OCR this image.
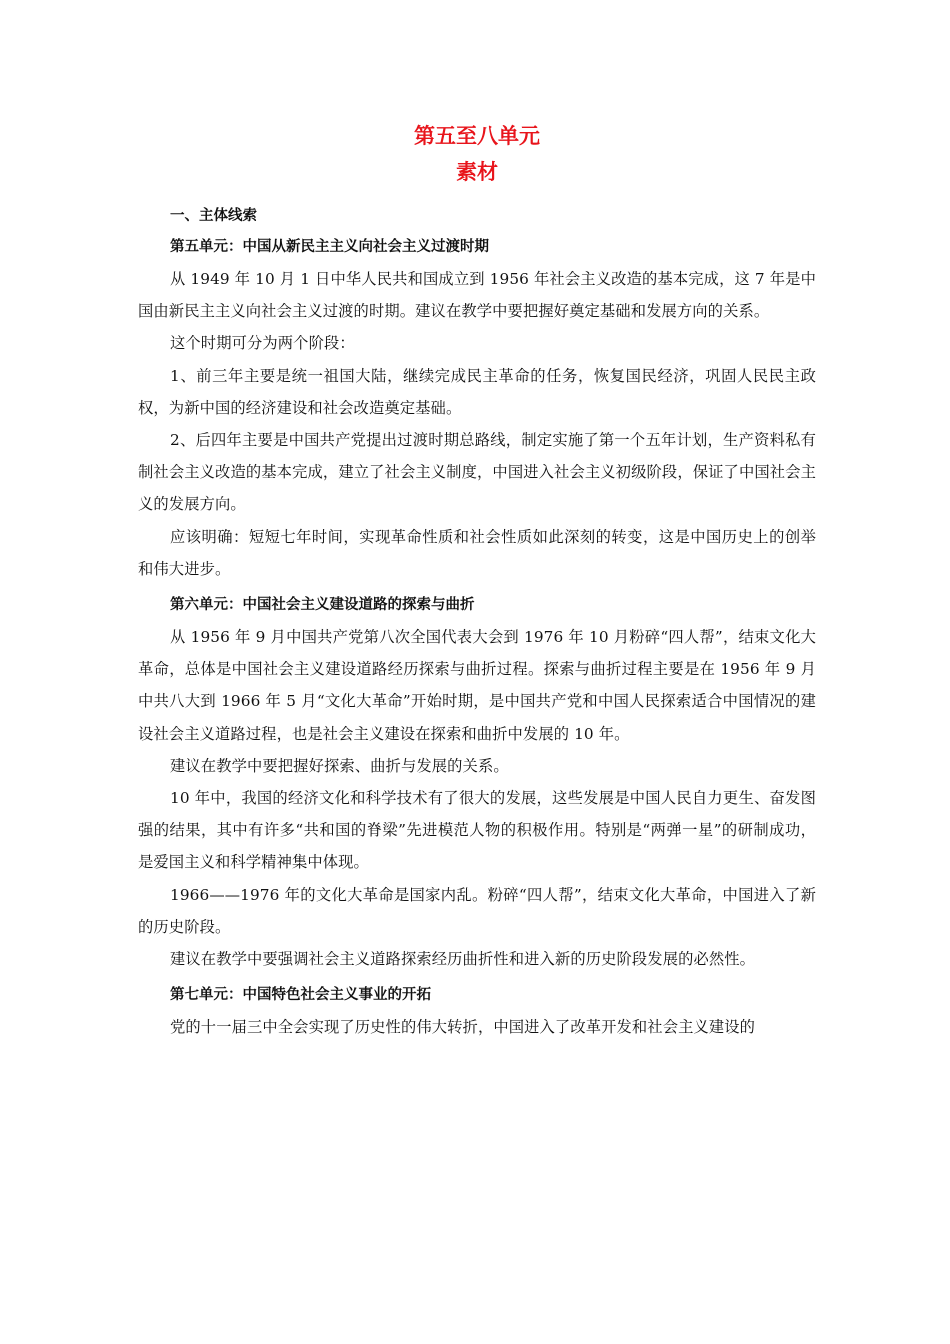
第五至八单元
素材

一、主体线索

第五单元：中国从新民主主义向社会主义过渡时期

从 1949 年 10 月 1 日中华人民共和国成立到 1956 年社会主义改造的基本完成，这 7 年是中国由新民主主义向社会主义过渡的时期。建议在教学中要把握好奠定基础和发展方向的关系。

这个时期可分为两个阶段：

1、前三年主要是统一祖国大陆，继续完成民主革命的任务，恢复国民经济，巩固人民民主政权，为新中国的经济建设和社会改造奠定基础。

2、后四年主要是中国共产党提出过渡时期总路线，制定实施了第一个五年计划，生产资料私有制社会主义改造的基本完成，建立了社会主义制度，中国进入社会主义初级阶段，保证了中国社会主义的发展方向。

应该明确：短短七年时间，实现革命性质和社会性质如此深刻的转变，这是中国历史上的创举和伟大进步。

第六单元：中国社会主义建设道路的探索与曲折

从 1956 年 9 月中国共产党第八次全国代表大会到 1976 年 10 月粉碎“四人帮”，结束文化大革命，总体是中国社会主义建设道路经历探索与曲折过程。探索与曲折过程主要是在 1956 年 9 月中共八大到 1966 年 5 月“文化大革命”开始时期，是中国共产党和中国人民探索适合中国情况的建设社会主义道路过程，也是社会主义建设在探索和曲折中发展的 10 年。

建议在教学中要把握好探索、曲折与发展的关系。

10 年中，我国的经济文化和科学技术有了很大的发展，这些发展是中国人民自力更生、奋发图强的结果，其中有许多“共和国的脊梁”先进模范人物的积极作用。特别是“两弹一星”的研制成功，是爱国主义和科学精神集中体现。

1966——1976 年的文化大革命是国家内乱。粉碎“四人帮”，结束文化大革命，中国进入了新的历史阶段。

建议在教学中要强调社会主义道路探索经历曲折性和进入新的历史阶段发展的必然性。

第七单元：中国特色社会主义事业的开拓

党的十一届三中全会实现了历史性的伟大转折，中国进入了改革开发和社会主义建设的
